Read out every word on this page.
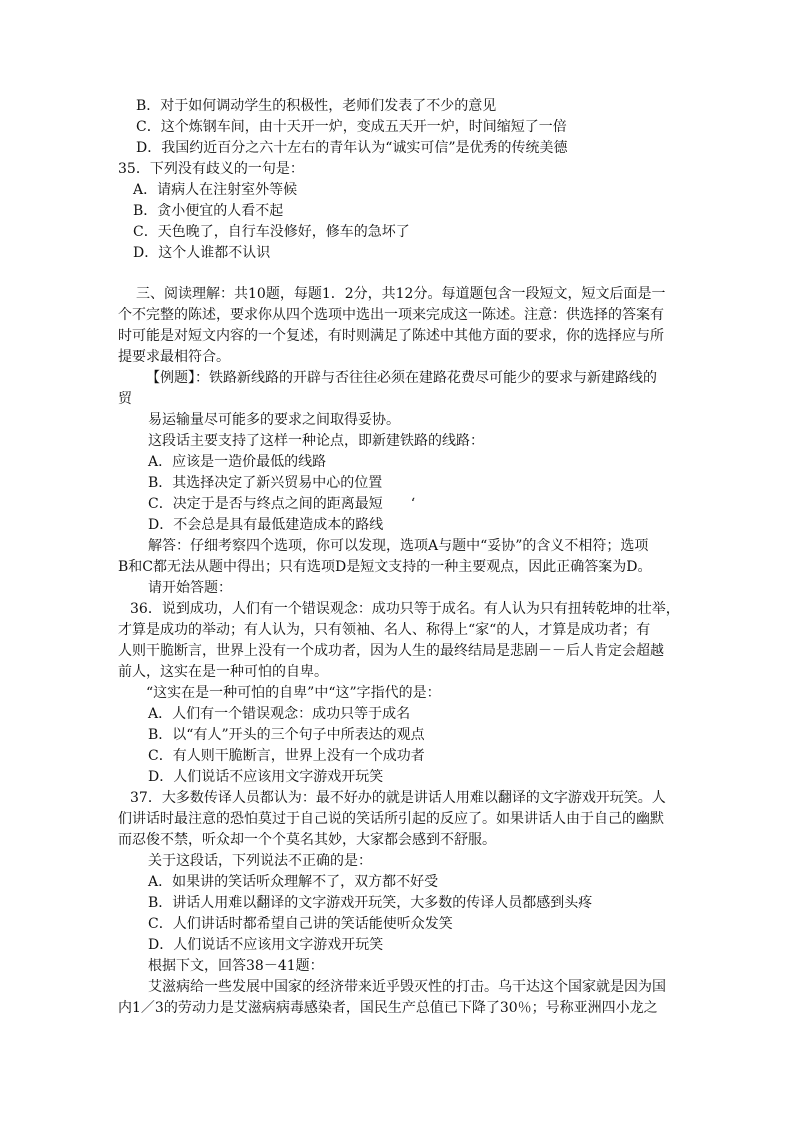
B．对于如何调动学生的积极性，老师们发表了不少的意见
C．这个炼钢车间，由十天开一炉，变成五天开一炉，时间缩短了一倍
D．我国约近百分之六十左右的青年认为“诚实可信”是优秀的传统美德
35．下列没有歧义的一句是：
A．请病人在注射室外等候
B．贪小便宜的人看不起
C．天色晚了，自行车没修好，修车的急坏了
D．这个人谁都不认识
三、阅读理解：共10题，每题1．2分，共12分。每道题包含一段短文，短文后面是一
个不完整的陈述，要求你从四个选项中选出一项来完成这一陈述。注意：供选择的答案有
时可能是对短文内容的一个复述，有时则满足了陈述中其他方面的要求，你的选择应与所
提要求最相符合。
【例题】：铁路新线路的开辟与否往往必须在建路花费尽可能少的要求与新建路线的
贸
易运输量尽可能多的要求之间取得妥协。
这段话主要支持了这样一种论点，即新建铁路的线路：
A．应该是一造价最低的线路
B．其选择决定了新兴贸易中心的位置
C．决定于是否与终点之间的距离最短　　‘
D．不会总是具有最低建造成本的路线
解答：仔细考察四个选项，你可以发现，选项A与题中“妥协”的含义不相符；选项
B和C都无法从题中得出；只有选项D是短文支持的一种主要观点，因此正确答案为D。
请开始答题：
36．说到成功，人们有一个错误观念：成功只等于成名。有人认为只有扭转乾坤的壮举，
才算是成功的举动；有人认为，只有领袖、名人、称得上“家“的人，才算是成功者；有
人则干脆断言，世界上没有一个成功者，因为人生的最终结局是悲剧－－后人肯定会超越
前人，这实在是一种可怕的自卑。
“这实在是一种可怕的自卑”中“这”字指代的是：
A．人们有一个错误观念：成功只等于成名
B．以“有人”开头的三个句子中所表达的观点
C．有人则干脆断言，世界上没有一个成功者
D．人们说话不应该用文字游戏开玩笑
37．大多数传译人员都认为：最不好办的就是讲话人用难以翻译的文字游戏开玩笑。人
们讲话时最注意的恐怕莫过于自己说的笑话所引起的反应了。如果讲话人由于自己的幽默
而忍俊不禁，听众却一个个莫名其妙，大家都会感到不舒服。
关于这段话，下列说法不正确的是：
A．如果讲的笑话听众理解不了，双方都不好受
B．讲话人用难以翻译的文字游戏开玩笑，大多数的传译人员都感到头疼
C．人们讲话时都希望自己讲的笑话能使听众发笑
D．人们说话不应该用文字游戏开玩笑
根据下文，回答38－41题：
艾滋病给一些发展中国家的经济带来近乎毁灭性的打击。乌干达这个国家就是因为国
内1／3的劳动力是艾滋病病毒感染者，国民生产总值已下降了30％；号称亚洲四小龙之
